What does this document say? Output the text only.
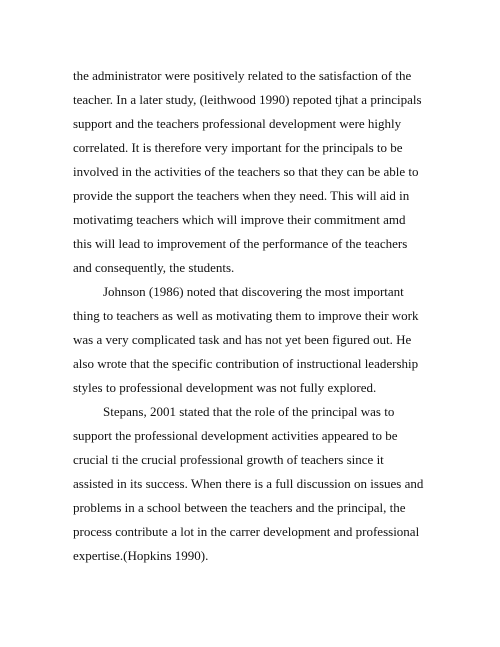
the administrator were positively related to the satisfaction of the
teacher. In a later study, (leithwood 1990) repoted tjhat a principals
support and the teachers professional development were highly
correlated. It is therefore very important for the principals to be
involved in the activities of the teachers so that they can be able to
provide the support the teachers when they need. This will aid in
motivatimg teachers which will improve their commitment amd
this will lead to improvement of the performance of the teachers
and consequently, the students.
Johnson (1986) noted that discovering the most important
thing to teachers as well as motivating them to improve their work
was a very complicated task and has not yet been figured out. He
also wrote that the specific contribution of instructional leadership
styles to professional development was not fully explored.
Stepans, 2001 stated that the role of the principal was to
support the professional development activities appeared to be
crucial ti the crucial professional growth of teachers since it
assisted in its success. When there is a full discussion on issues and
problems in a school between the teachers and the principal, the
process contribute a lot in the carrer development and professional
expertise.(Hopkins 1990).
